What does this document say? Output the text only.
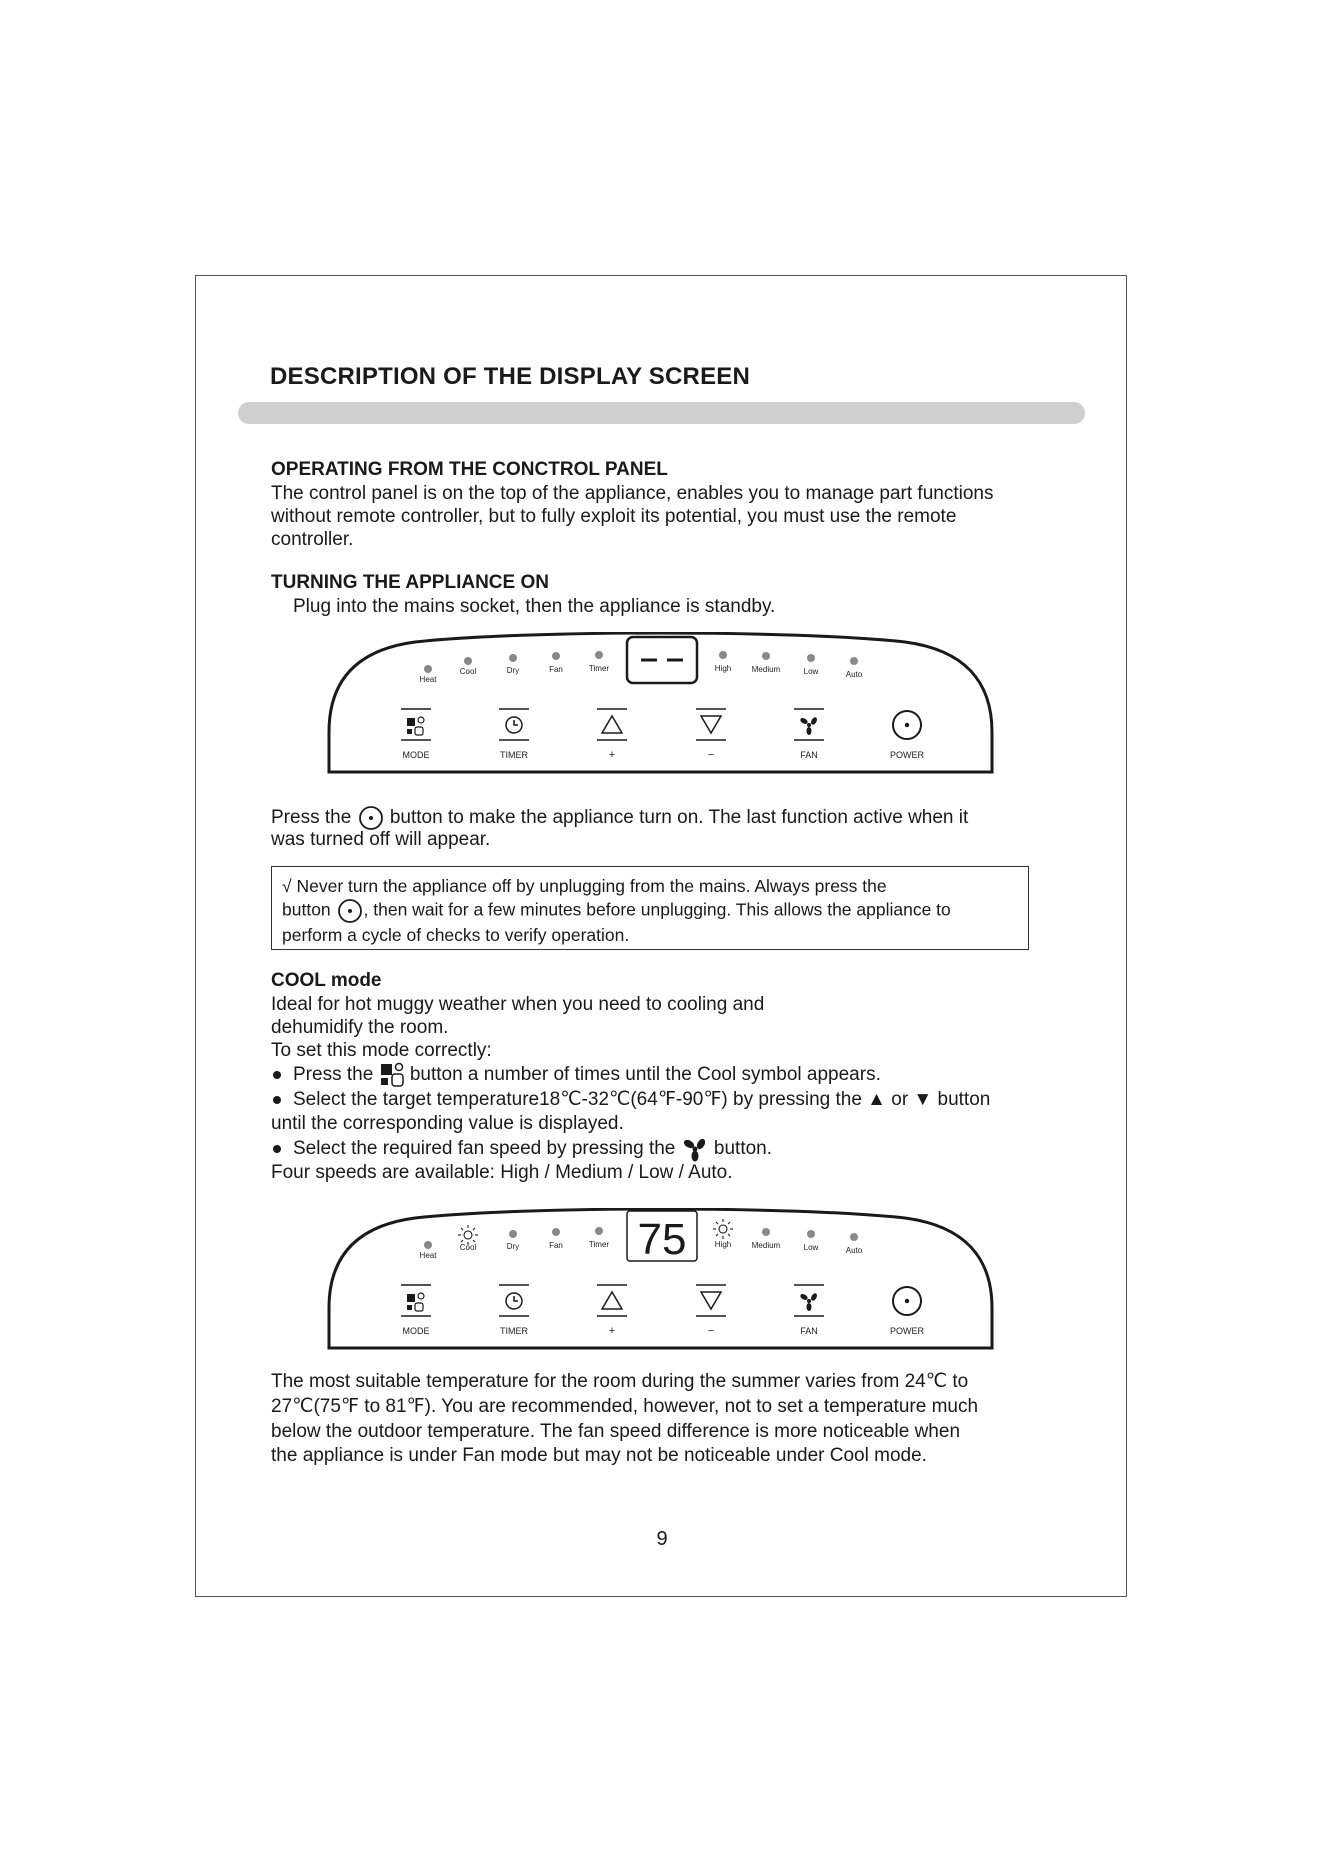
DESCRIPTION OF THE DISPLAY SCREEN
OPERATING FROM THE CONCTROL PANEL
The control panel is on the top of the appliance, enables you to manage part functions
without remote controller, but to fully exploit its potential, you must use the remote
controller.
TURNING THE APPLIANCE ON
Plug into the mains socket, then the appliance is standby.
Heat
Cool	Dry	Fan	Timer	High	Medium	Low	Auto
MODE	TIMER	+	−	FAN	POWER
Press the button to make the appliance turn on. The last function active when it
was turned off will appear.
√ Never turn the appliance off by unplugging from the mains. Always press the
button , then wait for a few minutes before unplugging. This allows the appliance to
perform a cycle of checks to verify operation.
COOL mode
Ideal for hot muggy weather when you need to cooling and
dehumidify the room.
To set this mode correctly:
Press the button a number of times until the Cool symbol appears.
Select the target temperature18℃-32℃(64℉-90℉) by pressing the ▲ or ▼ button
until the corresponding value is displayed.
Select the required fan speed by pressing the button.
Four speeds are available: High / Medium / Low / Auto.
Heat
Cool	Dry	Fan	Timer	High	Medium	Low	Auto
75
MODE	TIMER	+	−	FAN	POWER
The most suitable temperature for the room during the summer varies from 24℃ to
27℃(75℉ to 81℉). You are recommended, however, not to set a temperature much
below the outdoor temperature. The fan speed difference is more noticeable when
the appliance is under Fan mode but may not be noticeable under Cool mode.
9
